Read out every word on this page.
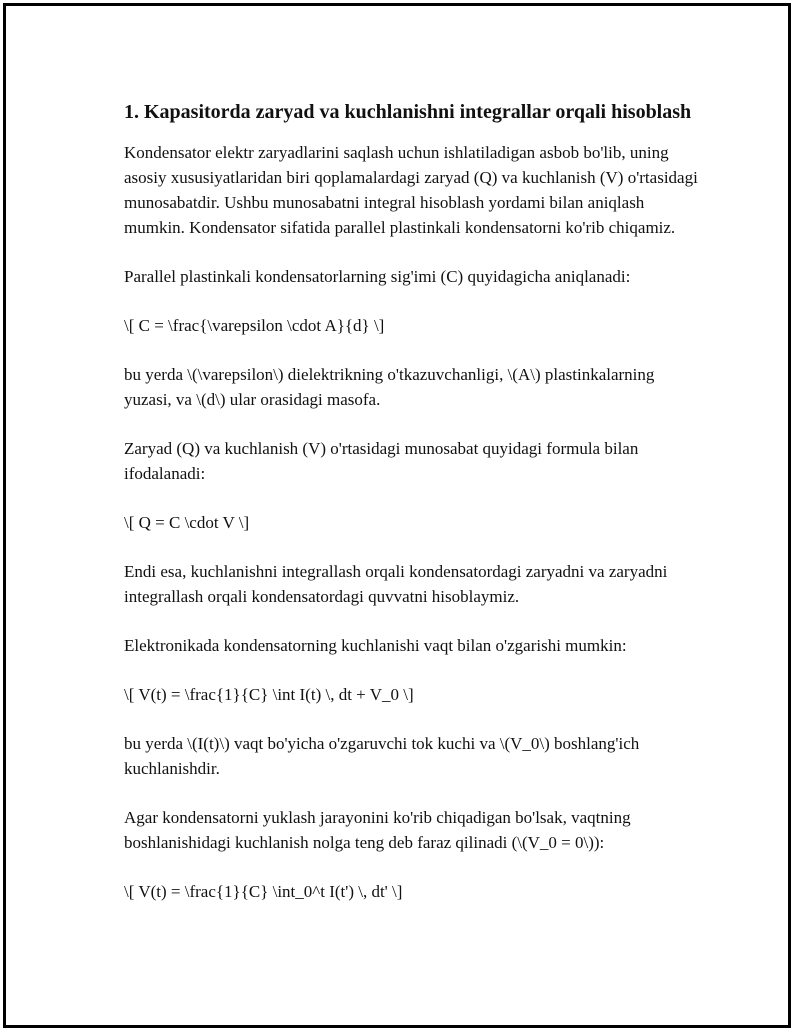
1. Kapasitorda zaryad va kuchlanishni integrallar orqali hisoblash

Kondensator elektr zaryadlarini saqlash uchun ishlatiladigan asbob bo'lib, uning asosiy xususiyatlaridan biri qoplamalardagi zaryad (Q) va kuchlanish (V) o'rtasidagi munosabatdir. Ushbu munosabatni integral hisoblash yordami bilan aniqlash mumkin. Kondensator sifatida parallel plastinkali kondensatorni ko'rib chiqamiz.

Parallel plastinkali kondensatorlarning sig'imi (C) quyidagicha aniqlanadi:

\[ C = \frac{\varepsilon \cdot A}{d} \]

bu yerda \(\varepsilon\) dielektrikning o'tkazuvchanligi, \(A\) plastinkalarning yuzasi, va \(d\) ular orasidagi masofa.

Zaryad (Q) va kuchlanish (V) o'rtasidagi munosabat quyidagi formula bilan ifodalanadi:

\[ Q = C \cdot V \]

Endi esa, kuchlanishni integrallash orqali kondensatordagi zaryadni va zaryadni integrallash orqali kondensatordagi quvvatni hisoblaymiz.

Elektronikada kondensatorning kuchlanishi vaqt bilan o'zgarishi mumkin:

\[ V(t) = \frac{1}{C} \int I(t) \, dt + V_0 \]

bu yerda \(I(t)\) vaqt bo'yicha o'zgaruvchi tok kuchi va \(V_0\) boshlang'ich kuchlanishdir.

Agar kondensatorni yuklash jarayonini ko'rib chiqadigan bo'lsak, vaqtning boshlanishidagi kuchlanish nolga teng deb faraz qilinadi (\(V_0 = 0\)):

\[ V(t) = \frac{1}{C} \int_0^t I(t') \, dt' \]
